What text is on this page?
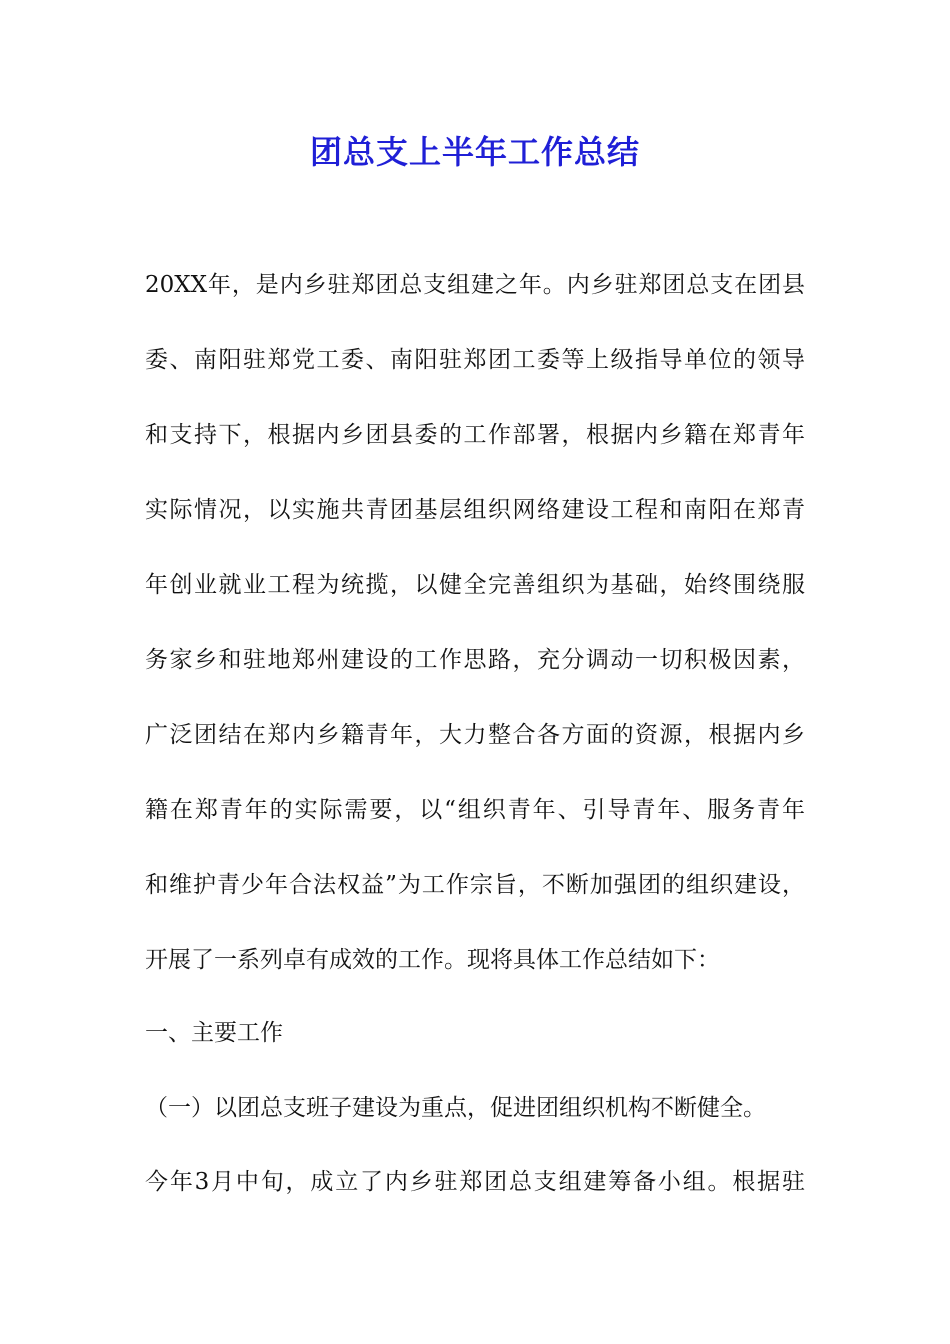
团总支上半年工作总结
20XX年，是内乡驻郑团总支组建之年。内乡驻郑团总支在团县
委、南阳驻郑党工委、南阳驻郑团工委等上级指导单位的领导
和支持下，根据内乡团县委的工作部署，根据内乡籍在郑青年
实际情况，以实施共青团基层组织网络建设工程和南阳在郑青
年创业就业工程为统揽，以健全完善组织为基础，始终围绕服
务家乡和驻地郑州建设的工作思路，充分调动一切积极因素，
广泛团结在郑内乡籍青年，大力整合各方面的资源，根据内乡
籍在郑青年的实际需要，以“组织青年、引导青年、服务青年
和维护青少年合法权益”为工作宗旨，不断加强团的组织建设，
开展了一系列卓有成效的工作。现将具体工作总结如下：
一、主要工作
（一）以团总支班子建设为重点，促进团组织机构不断健全。
今年3月中旬，成立了内乡驻郑团总支组建筹备小组。根据驻
